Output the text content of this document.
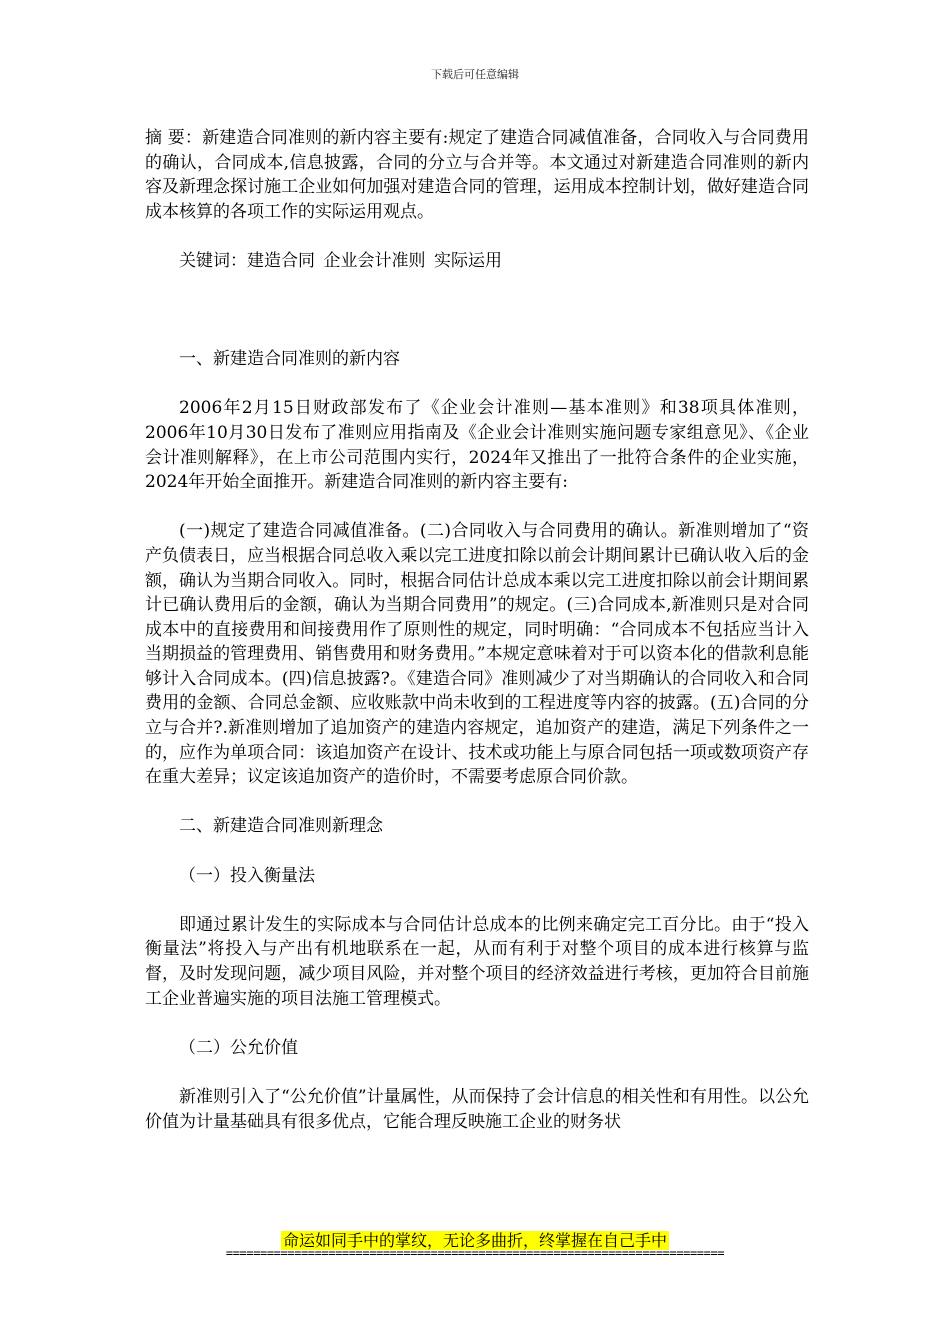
下载后可任意编辑

摘 要：新建造合同准则的新内容主要有:规定了建造合同减值准备，合同收入与合同费用的确认，合同成本,信息披露，合同的分立与合并等。本文通过对新建造合同准则的新内容及新理念探讨施工企业如何加强对建造合同的管理，运用成本控制计划，做好建造合同成本核算的各项工作的实际运用观点。

关键词：建造合同 企业会计准则 实际运用

一、新建造合同准则的新内容

2006年2月15日财政部发布了《企业会计准则—基本准则》和38项具体准则，2006年10月30日发布了准则应用指南及《企业会计准则实施问题专家组意见》、《企业会计准则解释》，在上市公司范围内实行，2024年又推出了一批符合条件的企业实施，2024年开始全面推开。新建造合同准则的新内容主要有:

(一)规定了建造合同减值准备。(二)合同收入与合同费用的确认。新准则增加了“资产负债表日，应当根据合同总收入乘以完工进度扣除以前会计期间累计已确认收入后的金额，确认为当期合同收入。同时，根据合同估计总成本乘以完工进度扣除以前会计期间累计已确认费用后的金额，确认为当期合同费用”的规定。(三)合同成本,新准则只是对合同成本中的直接费用和间接费用作了原则性的规定，同时明确：“合同成本不包括应当计入当期损益的管理费用、销售费用和财务费用。”本规定意味着对于可以资本化的借款利息能够计入合同成本。(四)信息披露?。《建造合同》准则减少了对当期确认的合同收入和合同费用的金额、合同总金额、应收账款中尚未收到的工程进度等内容的披露。(五)合同的分立与合并?.新准则增加了追加资产的建造内容规定，追加资产的建造，满足下列条件之一的，应作为单项合同：该追加资产在设计、技术或功能上与原合同包括一项或数项资产存在重大差异；议定该追加资产的造价时，不需要考虑原合同价款。

二、新建造合同准则新理念

（一）投入衡量法

即通过累计发生的实际成本与合同估计总成本的比例来确定完工百分比。由于“投入衡量法”将投入与产出有机地联系在一起，从而有利于对整个项目的成本进行核算与监督，及时发现问题，减少项目风险，并对整个项目的经济效益进行考核，更加符合目前施工企业普遍实施的项目法施工管理模式。

（二）公允价值

新准则引入了“公允价值”计量属性，从而保持了会计信息的相关性和有用性。以公允价值为计量基础具有很多优点，它能合理反映施工企业的财务状

命运如同手中的掌纹，无论多曲折，终掌握在自己手中
=========================================================================
